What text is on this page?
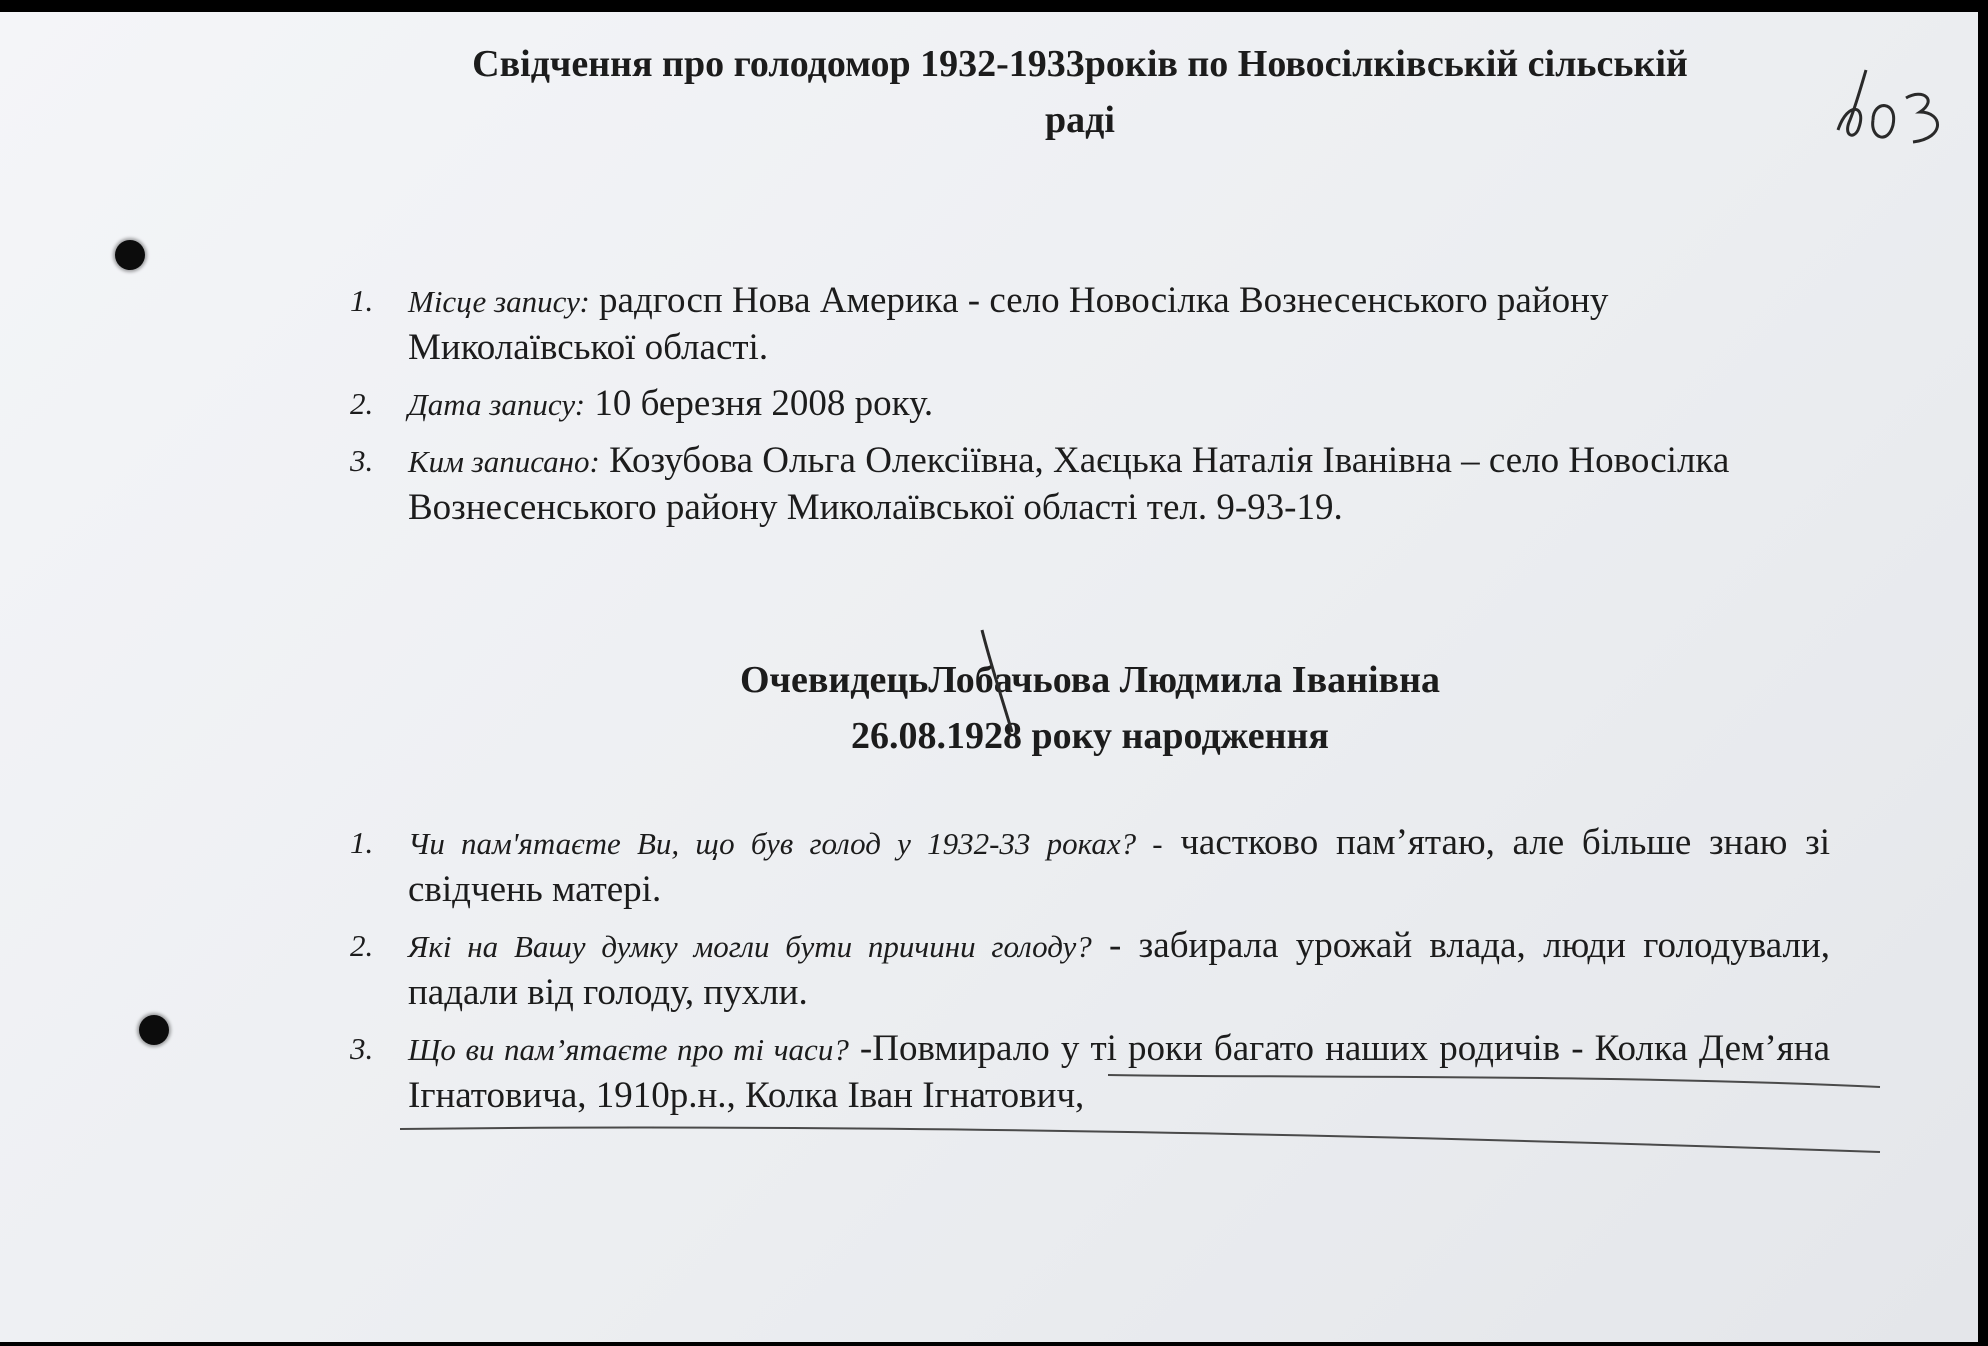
Свідчення про голодомор 1932-1933років по Новосілківській сільській
раді
1. Місце запису: радгосп Нова Америка - село Новосілка Вознесенського району Миколаївської області.
2. Дата запису: 10 березня 2008 року.
3. Ким записано: Козубова Ольга Олексіївна, Хаєцька Наталія Іванівна – село Новосілка Вознесенського району Миколаївської області тел. 9-93-19.
ОчевидецьЛобачьова Людмила Іванівна
26.08.1928 року народження
1. Чи пам'ятаєте Ви, що був голод у 1932-33 роках? - частково пам’ятаю, але більше знаю зі свідчень матері.
2. Які на Вашу думку могли бути причини голоду? - забирала урожай влада, люди голодували, падали від голоду, пухли.
3. Що ви пам’ятаєте про ті часи? -Повмирало у ті роки багато наших родичів - Колка Дем’яна Ігнатовича, 1910р.н., Колка Іван Ігнатович,
